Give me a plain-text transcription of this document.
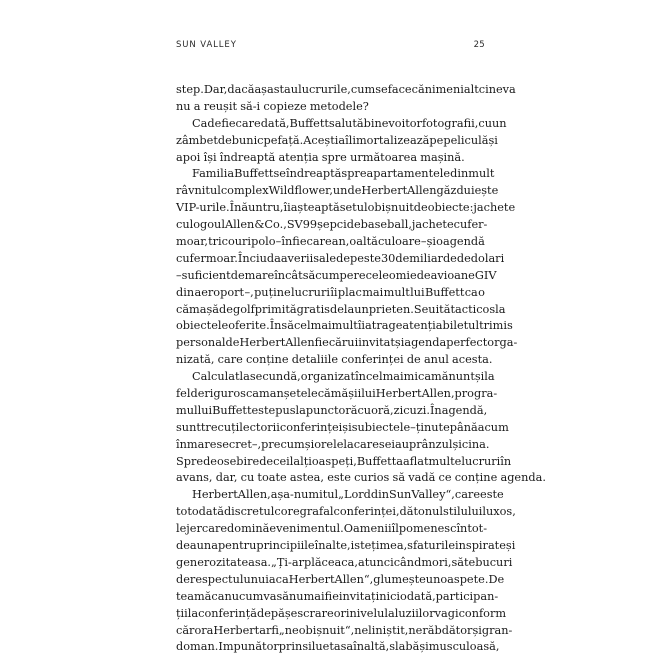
SUN VALLEY	25
step. Dar, dacă așa stau lucrurile, cum se face că nimeni altcineva
nu a reușit să-i copieze metodele?
Ca de fiecare dată, Buffett salută binevoitor fotografii, cu un
zâmbet de bunic pe față. Aceștia îl imortalizează pe peliculă și
apoi își îndreaptă atenția spre următoarea mașină.
Familia Buffett se îndreaptă spre apartamentele din mult
râvnitul complex Wildflower, unde Herbert Allen găzduiește
VIP-urile. Înăuntru, îi așteaptă setul obișnuit de obiecte: jachete
cu logoul Allen & Co., SV99 șepci de baseball, jachete cu fer-
moar, tricouri polo – în fiecare an, o altă culoare – și o agendă
cu fermoar. În ciuda averii sale de peste 30 de miliarde de dolari
– suficient de mare încât să cumpere cele o mie de avioane G IV
din aeroport –, puține lucruri îi plac mai mult lui Buffett ca o
cămașă de golf primită gratis de la un prieten. Se uită tacticos la
obiectele oferite. Însă cel mai mult îi atrage atenția biletul trimis
personal de Herbert Allen fiecărui invitat și agenda perfect orga-
nizată, care conține detaliile conferinței de anul acesta.
Calculat la secundă, organizat în cel mai mic amănunt și la
fel de riguros ca manșetele cămășii lui Herbert Allen, progra-
mul lui Buffett este pus la punct oră cu oră, zi cu zi. În agendă,
sunt trecuți lectorii conferinței și subiectele – ținute până acum
în mare secret –, precum și orele la care se iau prânzul și cina.
Spre deosebire de ceilalți oaspeți, Buffett a aflat multe lucruri în
avans, dar, cu toate astea, este curios să vadă ce conține agenda.
Herbert Allen, așa-numitul „Lord din Sun Valley“, care este
totodată discretul coregraf al conferinței, dă tonul stilului luxos,
lejer care domină evenimentul. Oamenii îl pomenesc întot-
deauna pentru principiile înalte, istețimea, sfaturile inspirate și
generozitatea sa. „Ți-ar plăcea ca, atunci când mori, să te bucuri
de respectul unuia ca Herbert Allen“, glumește un oaspete. De
teamă ca nu cumva să nu mai fie invitați niciodată, participan-
ții la conferință depășesc rareori nivelul aluziilor vagi conform
cărora Herbert ar fi „neobișnuit“, neliniștit, nerăbdător și gran-
doman. Impunător prin silueta sa înaltă, slabă și musculoasă,
